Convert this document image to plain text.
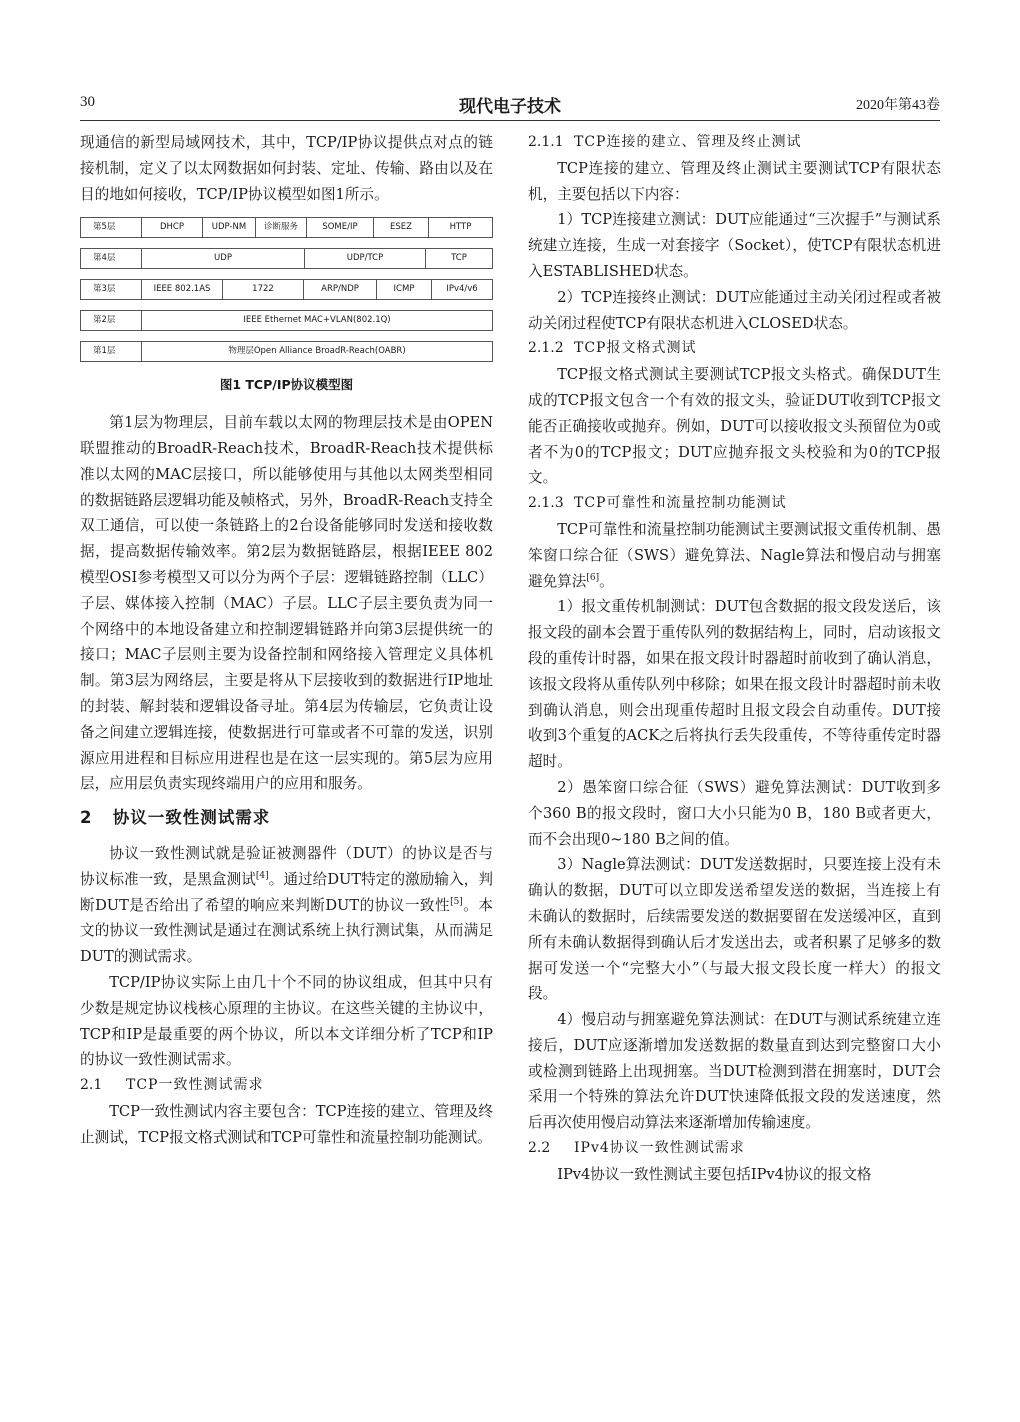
30	现代电子技术	2020年第43卷

现通信的新型局域网技术，其中，TCP/IP协议提供点对点的链接机制，定义了以太网数据如何封装、定址、传输、路由以及在目的地如何接收，TCP/IP协议模型如图1所示。

第5层	DHCP	UDP-NM	诊断服务	SOME/IP	ESEZ	HTTP
第4层	UDP	UDP/TCP	TCP
第3层	IEEE 802.1AS	1722	ARP/NDP	ICMP	IPv4/v6
第2层	IEEE Ethernet MAC+VLAN(802.1Q)
第1层	物理层Open Alliance BroadR-Reach(OABR)
图1 TCP/IP协议模型图

第1层为物理层，目前车载以太网的物理层技术是由OPEN联盟推动的BroadR-Reach技术，BroadR-Reach技术提供标准以太网的MAC层接口，所以能够使用与其他以太网类型相同的数据链路层逻辑功能及帧格式，另外，BroadR-Reach支持全双工通信，可以使一条链路上的2台设备能够同时发送和接收数据，提高数据传输效率。第2层为数据链路层，根据IEEE 802模型OSI参考模型又可以分为两个子层：逻辑链路控制（LLC）子层、媒体接入控制（MAC）子层。LLC子层主要负责为同一个网络中的本地设备建立和控制逻辑链路并向第3层提供统一的接口；MAC子层则主要为设备控制和网络接入管理定义具体机制。第3层为网络层，主要是将从下层接收到的数据进行IP地址的封装、解封装和逻辑设备寻址。第4层为传输层，它负责让设备之间建立逻辑连接，使数据进行可靠或者不可靠的发送，识别源应用进程和目标应用进程也是在这一层实现的。第5层为应用层，应用层负责实现终端用户的应用和服务。

2 协议一致性测试需求

协议一致性测试就是验证被测器件（DUT）的协议是否与协议标准一致，是黑盒测试[4]。通过给DUT特定的激励输入，判断DUT是否给出了希望的响应来判断DUT的协议一致性[5]。本文的协议一致性测试是通过在测试系统上执行测试集，从而满足DUT的测试需求。

TCP/IP协议实际上由几十个不同的协议组成，但其中只有少数是规定协议栈核心原理的主协议。在这些关键的主协议中，TCP和IP是最重要的两个协议，所以本文详细分析了TCP和IP的协议一致性测试需求。

2.1 TCP一致性测试需求

TCP一致性测试内容主要包含：TCP连接的建立、管理及终止测试，TCP报文格式测试和TCP可靠性和流量控制功能测试。

2.1.1 TCP连接的建立、管理及终止测试

TCP连接的建立、管理及终止测试主要测试TCP有限状态机，主要包括以下内容：

1）TCP连接建立测试：DUT应能通过“三次握手”与测试系统建立连接，生成一对套接字（Socket），使TCP有限状态机进入ESTABLISHED状态。

2）TCP连接终止测试：DUT应能通过主动关闭过程或者被动关闭过程使TCP有限状态机进入CLOSED状态。

2.1.2 TCP报文格式测试

TCP报文格式测试主要测试TCP报文头格式。确保DUT生成的TCP报文包含一个有效的报文头，验证DUT收到TCP报文能否正确接收或抛弃。例如，DUT可以接收报文头预留位为0或者不为0的TCP报文；DUT应抛弃报文头校验和为0的TCP报文。

2.1.3 TCP可靠性和流量控制功能测试

TCP可靠性和流量控制功能测试主要测试报文重传机制、愚笨窗口综合征（SWS）避免算法、Nagle算法和慢启动与拥塞避免算法[6]。

1）报文重传机制测试：DUT包含数据的报文段发送后，该报文段的副本会置于重传队列的数据结构上，同时，启动该报文段的重传计时器，如果在报文段计时器超时前收到了确认消息，该报文段将从重传队列中移除；如果在报文段计时器超时前未收到确认消息，则会出现重传超时且报文段会自动重传。DUT接收到3个重复的ACK之后将执行丢失段重传，不等待重传定时器超时。

2）愚笨窗口综合征（SWS）避免算法测试：DUT收到多个360 B的报文段时，窗口大小只能为0 B，180 B或者更大，而不会出现0~180 B之间的值。

3）Nagle算法测试：DUT发送数据时，只要连接上没有未确认的数据，DUT可以立即发送希望发送的数据，当连接上有未确认的数据时，后续需要发送的数据要留在发送缓冲区，直到所有未确认数据得到确认后才发送出去，或者积累了足够多的数据可发送一个“完整大小”（与最大报文段长度一样大）的报文段。

4）慢启动与拥塞避免算法测试：在DUT与测试系统建立连接后，DUT应逐渐增加发送数据的数量直到达到完整窗口大小或检测到链路上出现拥塞。当DUT检测到潜在拥塞时，DUT会采用一个特殊的算法允许DUT快速降低报文段的发送速度，然后再次使用慢启动算法来逐渐增加传输速度。

2.2 IPv4协议一致性测试需求

IPv4协议一致性测试主要包括IPv4协议的报文格
